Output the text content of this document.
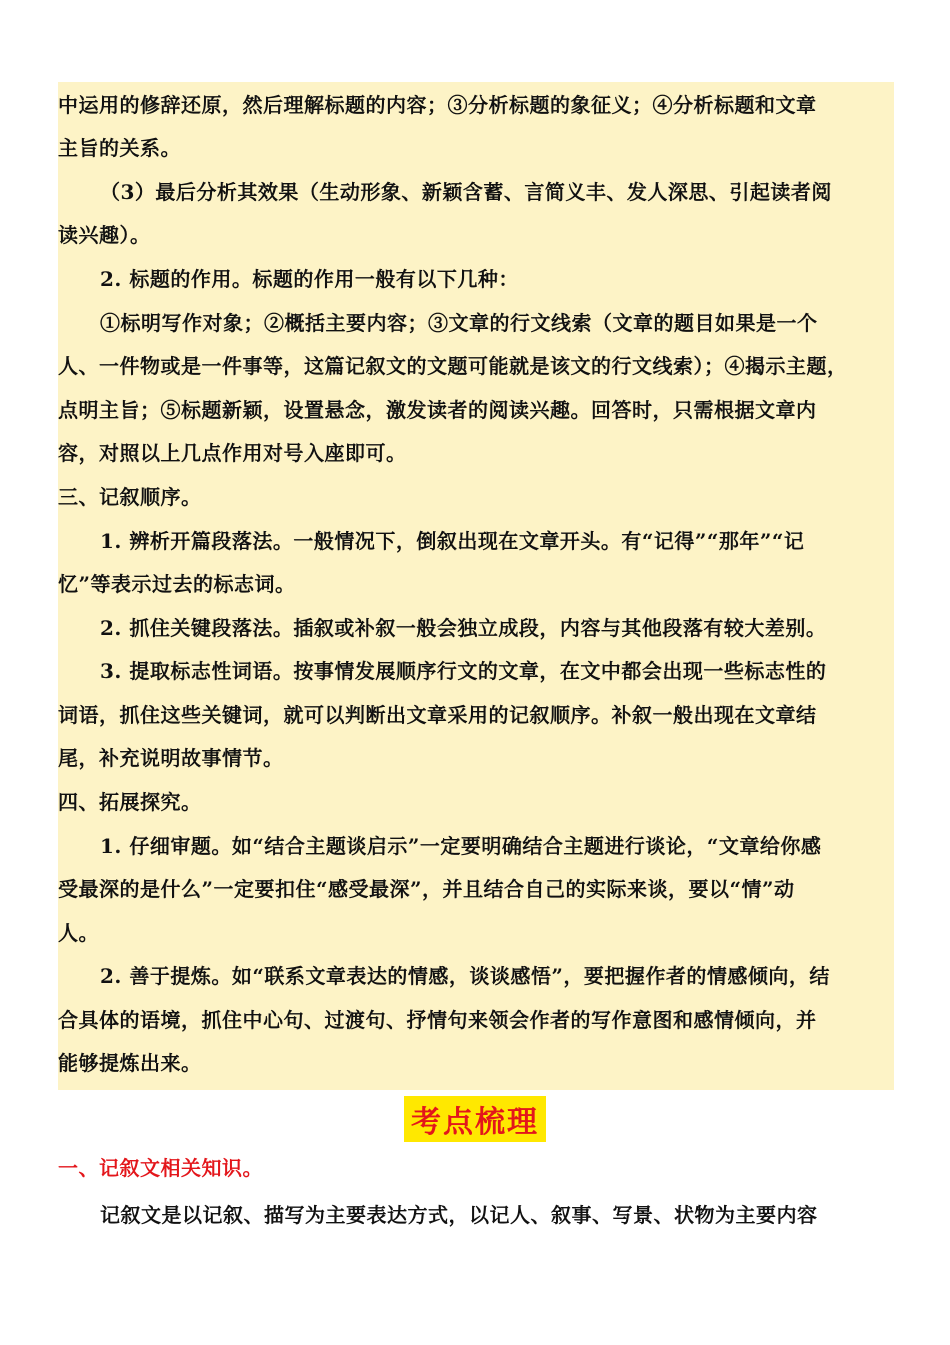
中运用的修辞还原，然后理解标题的内容；③分析标题的象征义；④分析标题和文章
主旨的关系。
（3）最后分析其效果（生动形象、新颖含蓄、言简义丰、发人深思、引起读者阅
读兴趣）。
2. 标题的作用。标题的作用一般有以下几种：
①标明写作对象；②概括主要内容；③文章的行文线索（文章的题目如果是一个
人、一件物或是一件事等，这篇记叙文的文题可能就是该文的行文线索）；④揭示主题，
点明主旨；⑤标题新颖，设置悬念，激发读者的阅读兴趣。回答时，只需根据文章内
容，对照以上几点作用对号入座即可。
三、记叙顺序。
1. 辨析开篇段落法。一般情况下，倒叙出现在文章开头。有“记得”“那年”“记
忆”等表示过去的标志词。
2. 抓住关键段落法。插叙或补叙一般会独立成段，内容与其他段落有较大差别。
3. 提取标志性词语。按事情发展顺序行文的文章，在文中都会出现一些标志性的
词语，抓住这些关键词，就可以判断出文章采用的记叙顺序。补叙一般出现在文章结
尾，补充说明故事情节。
四、拓展探究。
1. 仔细审题。如“结合主题谈启示”一定要明确结合主题进行谈论，“文章给你感
受最深的是什么”一定要扣住“感受最深”，并且结合自己的实际来谈，要以“情”动
人。
2. 善于提炼。如“联系文章表达的情感，谈谈感悟”，要把握作者的情感倾向，结
合具体的语境，抓住中心句、过渡句、抒情句来领会作者的写作意图和感情倾向，并
能够提炼出来。
考点梳理
一、记叙文相关知识。
记叙文是以记叙、描写为主要表达方式，以记人、叙事、写景、状物为主要内容
